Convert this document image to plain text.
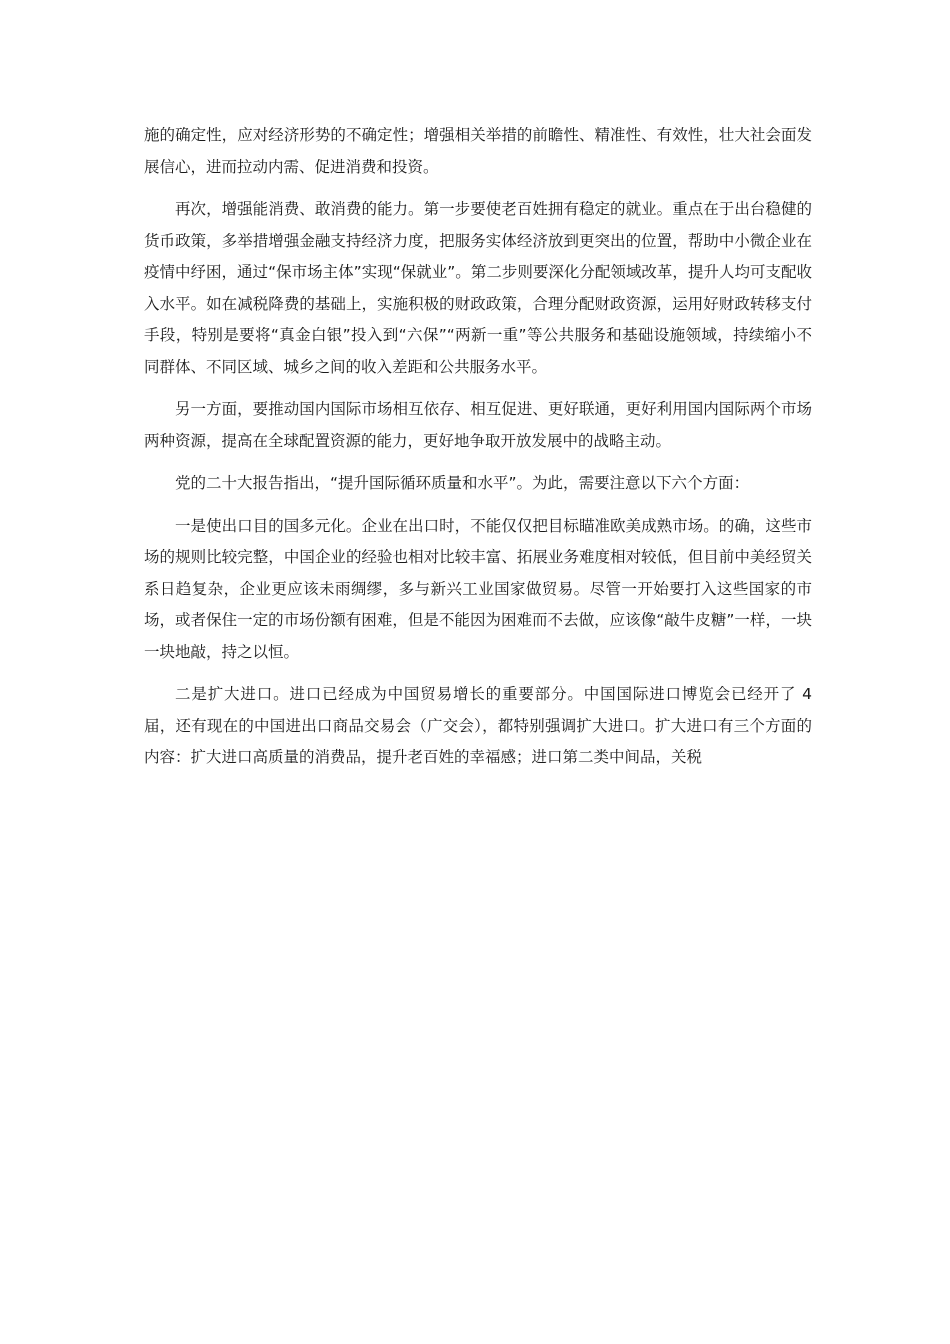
施的确定性，应对经济形势的不确定性；增强相关举措的前瞻性、精准性、有效性，壮大社会面发展信心，进而拉动内需、促进消费和投资。

再次，增强能消费、敢消费的能力。第一步要使老百姓拥有稳定的就业。重点在于出台稳健的货币政策，多举措增强金融支持经济力度，把服务实体经济放到更突出的位置，帮助中小微企业在疫情中纾困，通过“保市场主体”实现“保就业”。第二步则要深化分配领域改革，提升人均可支配收入水平。如在减税降费的基础上，实施积极的财政政策，合理分配财政资源，运用好财政转移支付手段，特别是要将“真金白银”投入到“六保”“两新一重”等公共服务和基础设施领域，持续缩小不同群体、不同区域、城乡之间的收入差距和公共服务水平。

另一方面，要推动国内国际市场相互依存、相互促进、更好联通，更好利用国内国际两个市场两种资源，提高在全球配置资源的能力，更好地争取开放发展中的战略主动。

党的二十大报告指出，“提升国际循环质量和水平”。为此，需要注意以下六个方面：

一是使出口目的国多元化。企业在出口时，不能仅仅把目标瞄准欧美成熟市场。的确，这些市场的规则比较完整，中国企业的经验也相对比较丰富、拓展业务难度相对较低，但目前中美经贸关系日趋复杂，企业更应该未雨绸缪，多与新兴工业国家做贸易。尽管一开始要打入这些国家的市场，或者保住一定的市场份额有困难，但是不能因为困难而不去做，应该像“敲牛皮糖”一样，一块一块地敲，持之以恒。

二是扩大进口。进口已经成为中国贸易增长的重要部分。中国国际进口博览会已经开了 4 届，还有现在的中国进出口商品交易会（广交会），都特别强调扩大进口。扩大进口有三个方面的内容：扩大进口高质量的消费品，提升老百姓的幸福感；进口第二类中间品，关税
